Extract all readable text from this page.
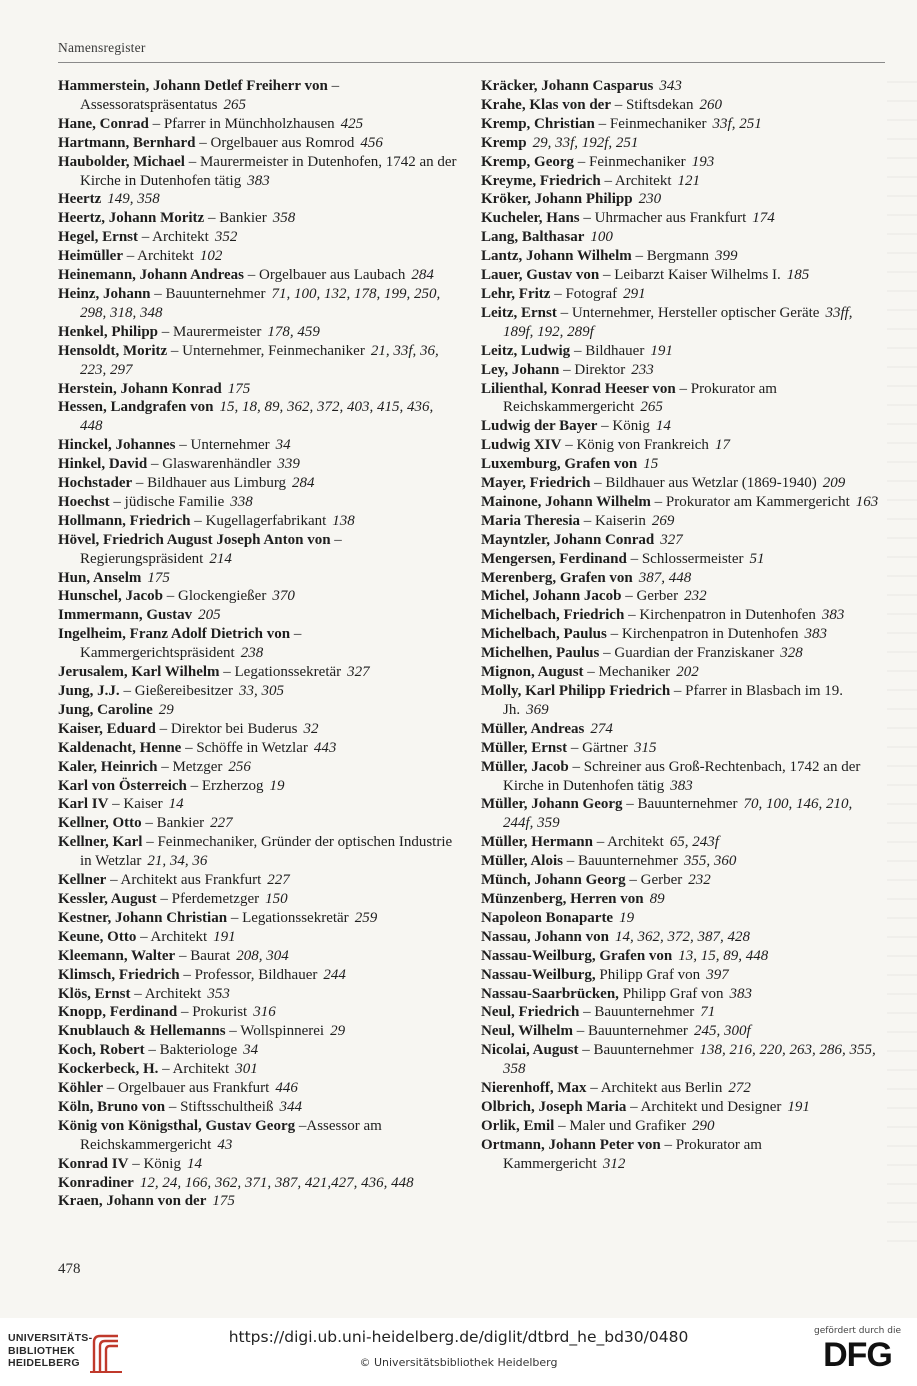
Namensregister
Hammerstein, Johann Detlef Freiherr von –Assessoratspräsentatus 265
Hane, Conrad – Pfarrer in Münchholzhausen 425
Hartmann, Bernhard – Orgelbauer aus Romrod 456
Haubolder, Michael – Maurermeister in Dutenhofen, 1742 an der Kirche in Dutenhofen tätig 383
Heertz 149, 358
Heertz, Johann Moritz – Bankier 358
Hegel, Ernst – Architekt 352
Heimüller – Architekt 102
Heinemann, Johann Andreas – Orgelbauer aus Laubach 284
Heinz, Johann – Bauunternehmer 71, 100, 132, 178, 199, 250, 298, 318, 348
Henkel, Philipp – Maurermeister 178, 459
Hensoldt, Moritz – Unternehmer, Feinmechaniker 21, 33f, 36, 223, 297
Herstein, Johann Konrad 175
Hessen, Landgrafen von 15, 18, 89, 362, 372, 403, 415, 436, 448
Hinckel, Johannes – Unternehmer 34
Hinkel, David – Glaswarenhändler 339
Hochstader – Bildhauer aus Limburg 284
Hoechst – jüdische Familie 338
Hollmann, Friedrich – Kugellagerfabrikant 138
Hövel, Friedrich August Joseph Anton von – Regierungspräsident 214
Hun, Anselm 175
Hunschel, Jacob – Glockengießer 370
Immermann, Gustav 205
Ingelheim, Franz Adolf Dietrich von –Kammergerichtspräsident 238
Jerusalem, Karl Wilhelm – Legationssekretär 327
Jung, J.J. – Gießereibesitzer 33, 305
Jung, Caroline 29
Kaiser, Eduard – Direktor bei Buderus 32
Kaldenacht, Henne – Schöffe in Wetzlar 443
Kaler, Heinrich – Metzger 256
Karl von Österreich – Erzherzog 19
Karl IV – Kaiser 14
Kellner, Otto – Bankier 227
Kellner, Karl – Feinmechaniker, Gründer der optischen Industrie in Wetzlar 21, 34, 36
Kellner – Architekt aus Frankfurt 227
Kessler, August – Pferdemetzger 150
Kestner, Johann Christian – Legationssekretär 259
Keune, Otto – Architekt 191
Kleemann, Walter – Baurat 208, 304
Klimsch, Friedrich – Professor, Bildhauer 244
Klös, Ernst – Architekt 353
Knopp, Ferdinand – Prokurist 316
Knublauch & Hellemanns – Wollspinnerei 29
Koch, Robert – Bakteriologe 34
Kockerbeck, H. – Architekt 301
Köhler – Orgelbauer aus Frankfurt 446
Köln, Bruno von – Stiftsschultheiß 344
König von Königsthal, Gustav Georg –Assessor am Reichskammergericht 43
Konrad IV – König 14
Konradiner 12, 24, 166, 362, 371, 387, 421,427, 436, 448
Kraen, Johann von der 175
Kräcker, Johann Casparus 343
Krahe, Klas von der – Stiftsdekan 260
Kremp, Christian – Feinmechaniker 33f, 251
Kremp 29, 33f, 192f, 251
Kremp, Georg – Feinmechaniker 193
Kreyme, Friedrich – Architekt 121
Kröker, Johann Philipp 230
Kucheler, Hans – Uhrmacher aus Frankfurt 174
Lang, Balthasar 100
Lantz, Johann Wilhelm – Bergmann 399
Lauer, Gustav von – Leibarzt Kaiser Wilhelms I. 185
Lehr, Fritz – Fotograf 291
Leitz, Ernst – Unternehmer, Hersteller optischer Geräte 33ff, 189f, 192, 289f
Leitz, Ludwig – Bildhauer 191
Ley, Johann – Direktor 233
Lilienthal, Konrad Heeser von – Prokurator am Reichskammergericht 265
Ludwig der Bayer – König 14
Ludwig XIV – König von Frankreich 17
Luxemburg, Grafen von 15
Mayer, Friedrich – Bildhauer aus Wetzlar (1869-1940) 209
Mainone, Johann Wilhelm – Prokurator am Kammergericht 163
Maria Theresia – Kaiserin 269
Mayntzler, Johann Conrad 327
Mengersen, Ferdinand – Schlossermeister 51
Merenberg, Grafen von 387, 448
Michel, Johann Jacob – Gerber 232
Michelbach, Friedrich – Kirchenpatron in Dutenhofen 383
Michelbach, Paulus – Kirchenpatron in Dutenhofen 383
Michelhen, Paulus – Guardian der Franziskaner 328
Mignon, August – Mechaniker 202
Molly, Karl Philipp Friedrich – Pfarrer in Blasbach im 19. Jh. 369
Müller, Andreas 274
Müller, Ernst – Gärtner 315
Müller, Jacob – Schreiner aus Groß-Rechtenbach, 1742 an der Kirche in Dutenhofen tätig 383
Müller, Johann Georg – Bauunternehmer 70, 100, 146, 210, 244f, 359
Müller, Hermann – Architekt 65, 243f
Müller, Alois – Bauunternehmer 355, 360
Münch, Johann Georg – Gerber 232
Münzenberg, Herren von 89
Napoleon Bonaparte 19
Nassau, Johann von 14, 362, 372, 387, 428
Nassau-Weilburg, Grafen von 13, 15, 89, 448
Nassau-Weilburg, Philipp Graf von 397
Nassau-Saarbrücken, Philipp Graf von 383
Neul, Friedrich – Bauunternehmer 71
Neul, Wilhelm – Bauunternehmer 245, 300f
Nicolai, August – Bauunternehmer 138, 216, 220, 263, 286, 355, 358
Nierenhoff, Max – Architekt aus Berlin 272
Olbrich, Joseph Maria – Architekt und Designer 191
Orlik, Emil – Maler und Grafiker 290
Ortmann, Johann Peter von – Prokurator am Kammergericht 312
478
UNIVERSITÄTS- BIBLIOTHEK HEIDELBERG
https://digi.ub.uni-heidelberg.de/diglit/dtbrd_he_bd30/0480
© Universitätsbibliothek Heidelberg
gefördert durch die
DFG
